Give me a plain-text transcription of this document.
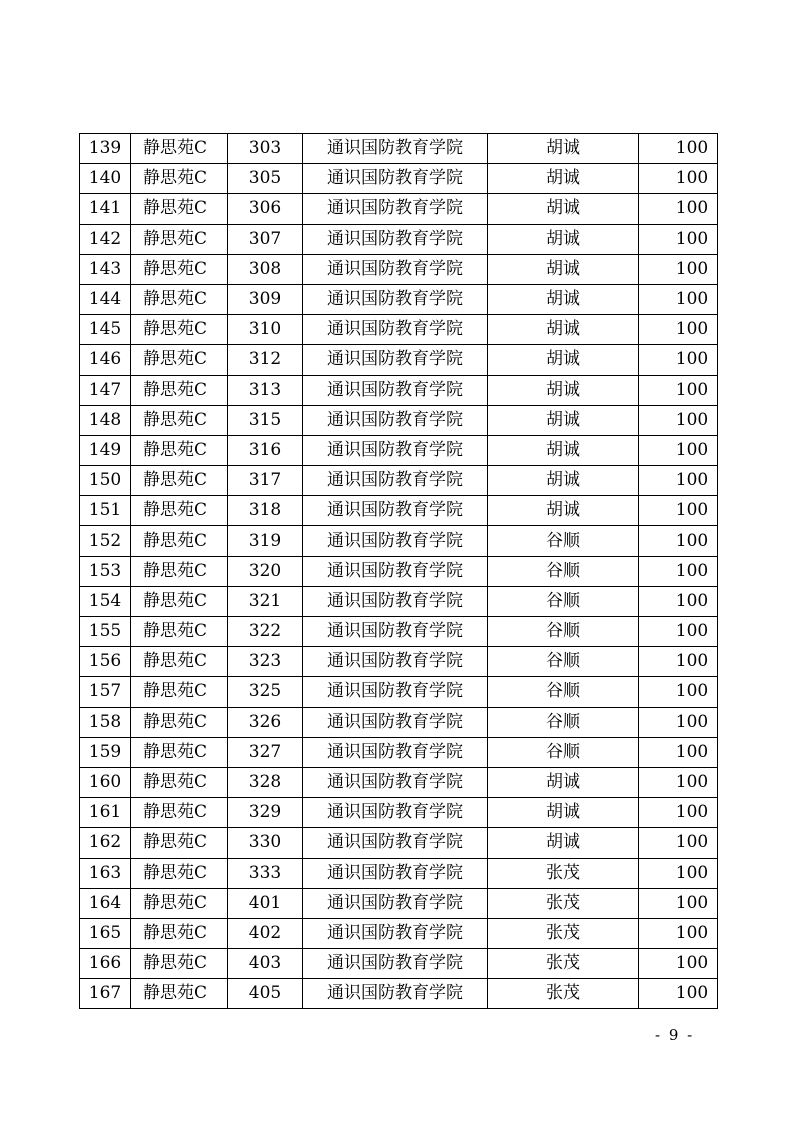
139	静思苑C	303	通识国防教育学院	胡诚	100
140	静思苑C	305	通识国防教育学院	胡诚	100
141	静思苑C	306	通识国防教育学院	胡诚	100
142	静思苑C	307	通识国防教育学院	胡诚	100
143	静思苑C	308	通识国防教育学院	胡诚	100
144	静思苑C	309	通识国防教育学院	胡诚	100
145	静思苑C	310	通识国防教育学院	胡诚	100
146	静思苑C	312	通识国防教育学院	胡诚	100
147	静思苑C	313	通识国防教育学院	胡诚	100
148	静思苑C	315	通识国防教育学院	胡诚	100
149	静思苑C	316	通识国防教育学院	胡诚	100
150	静思苑C	317	通识国防教育学院	胡诚	100
151	静思苑C	318	通识国防教育学院	胡诚	100
152	静思苑C	319	通识国防教育学院	谷顺	100
153	静思苑C	320	通识国防教育学院	谷顺	100
154	静思苑C	321	通识国防教育学院	谷顺	100
155	静思苑C	322	通识国防教育学院	谷顺	100
156	静思苑C	323	通识国防教育学院	谷顺	100
157	静思苑C	325	通识国防教育学院	谷顺	100
158	静思苑C	326	通识国防教育学院	谷顺	100
159	静思苑C	327	通识国防教育学院	谷顺	100
160	静思苑C	328	通识国防教育学院	胡诚	100
161	静思苑C	329	通识国防教育学院	胡诚	100
162	静思苑C	330	通识国防教育学院	胡诚	100
163	静思苑C	333	通识国防教育学院	张茂	100
164	静思苑C	401	通识国防教育学院	张茂	100
165	静思苑C	402	通识国防教育学院	张茂	100
166	静思苑C	403	通识国防教育学院	张茂	100
167	静思苑C	405	通识国防教育学院	张茂	100
- 9 -
